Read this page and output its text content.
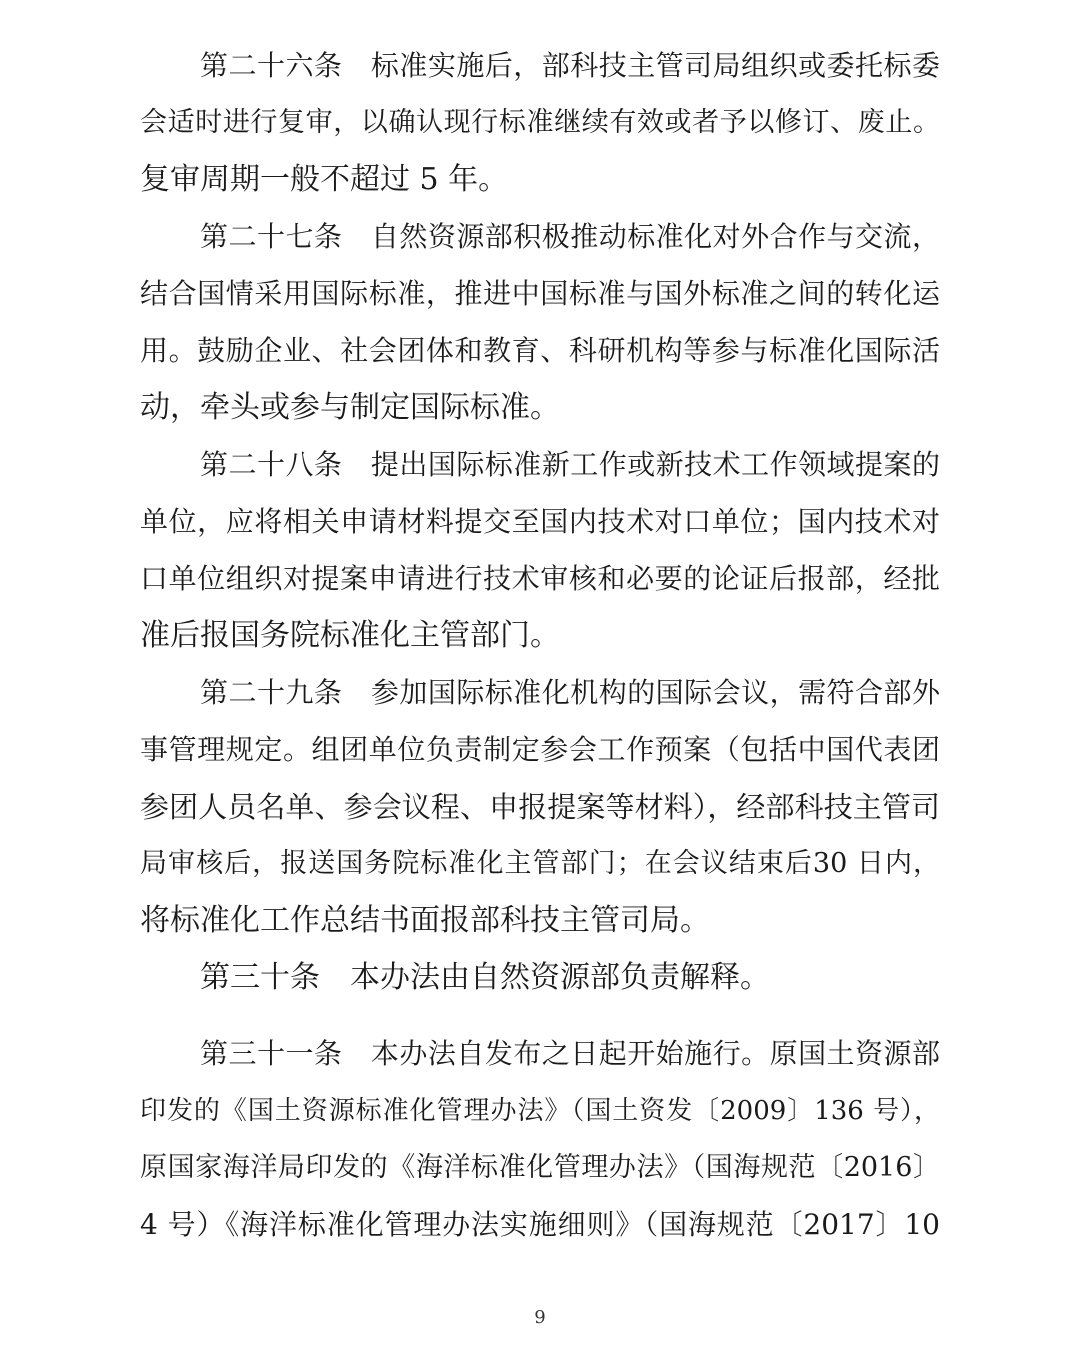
第二十六条　标准实施后，部科技主管司局组织或委托标委
会适时进行复审，以确认现行标准继续有效或者予以修订、废止。
复审周期一般不超过 5 年。
第二十七条　自然资源部积极推动标准化对外合作与交流，
结合国情采用国际标准，推进中国标准与国外标准之间的转化运
用。鼓励企业、社会团体和教育、科研机构等参与标准化国际活
动，牵头或参与制定国际标准。
第二十八条　提出国际标准新工作或新技术工作领域提案的
单位，应将相关申请材料提交至国内技术对口单位；国内技术对
口单位组织对提案申请进行技术审核和必要的论证后报部，经批
准后报国务院标准化主管部门。
第二十九条　参加国际标准化机构的国际会议，需符合部外
事管理规定。组团单位负责制定参会工作预案（包括中国代表团
参团人员名单、参会议程、申报提案等材料），经部科技主管司
局审核后，报送国务院标准化主管部门；在会议结束后30 日内，
将标准化工作总结书面报部科技主管司局。
第三十条　本办法由自然资源部负责解释。
第三十一条　本办法自发布之日起开始施行。原国土资源部
印发的《国土资源标准化管理办法》（国土资发〔2009〕136 号），
原国家海洋局印发的《海洋标准化管理办法》（国海规范〔2016〕
4 号）《海洋标准化管理办法实施细则》（国海规范〔2017〕10
9
